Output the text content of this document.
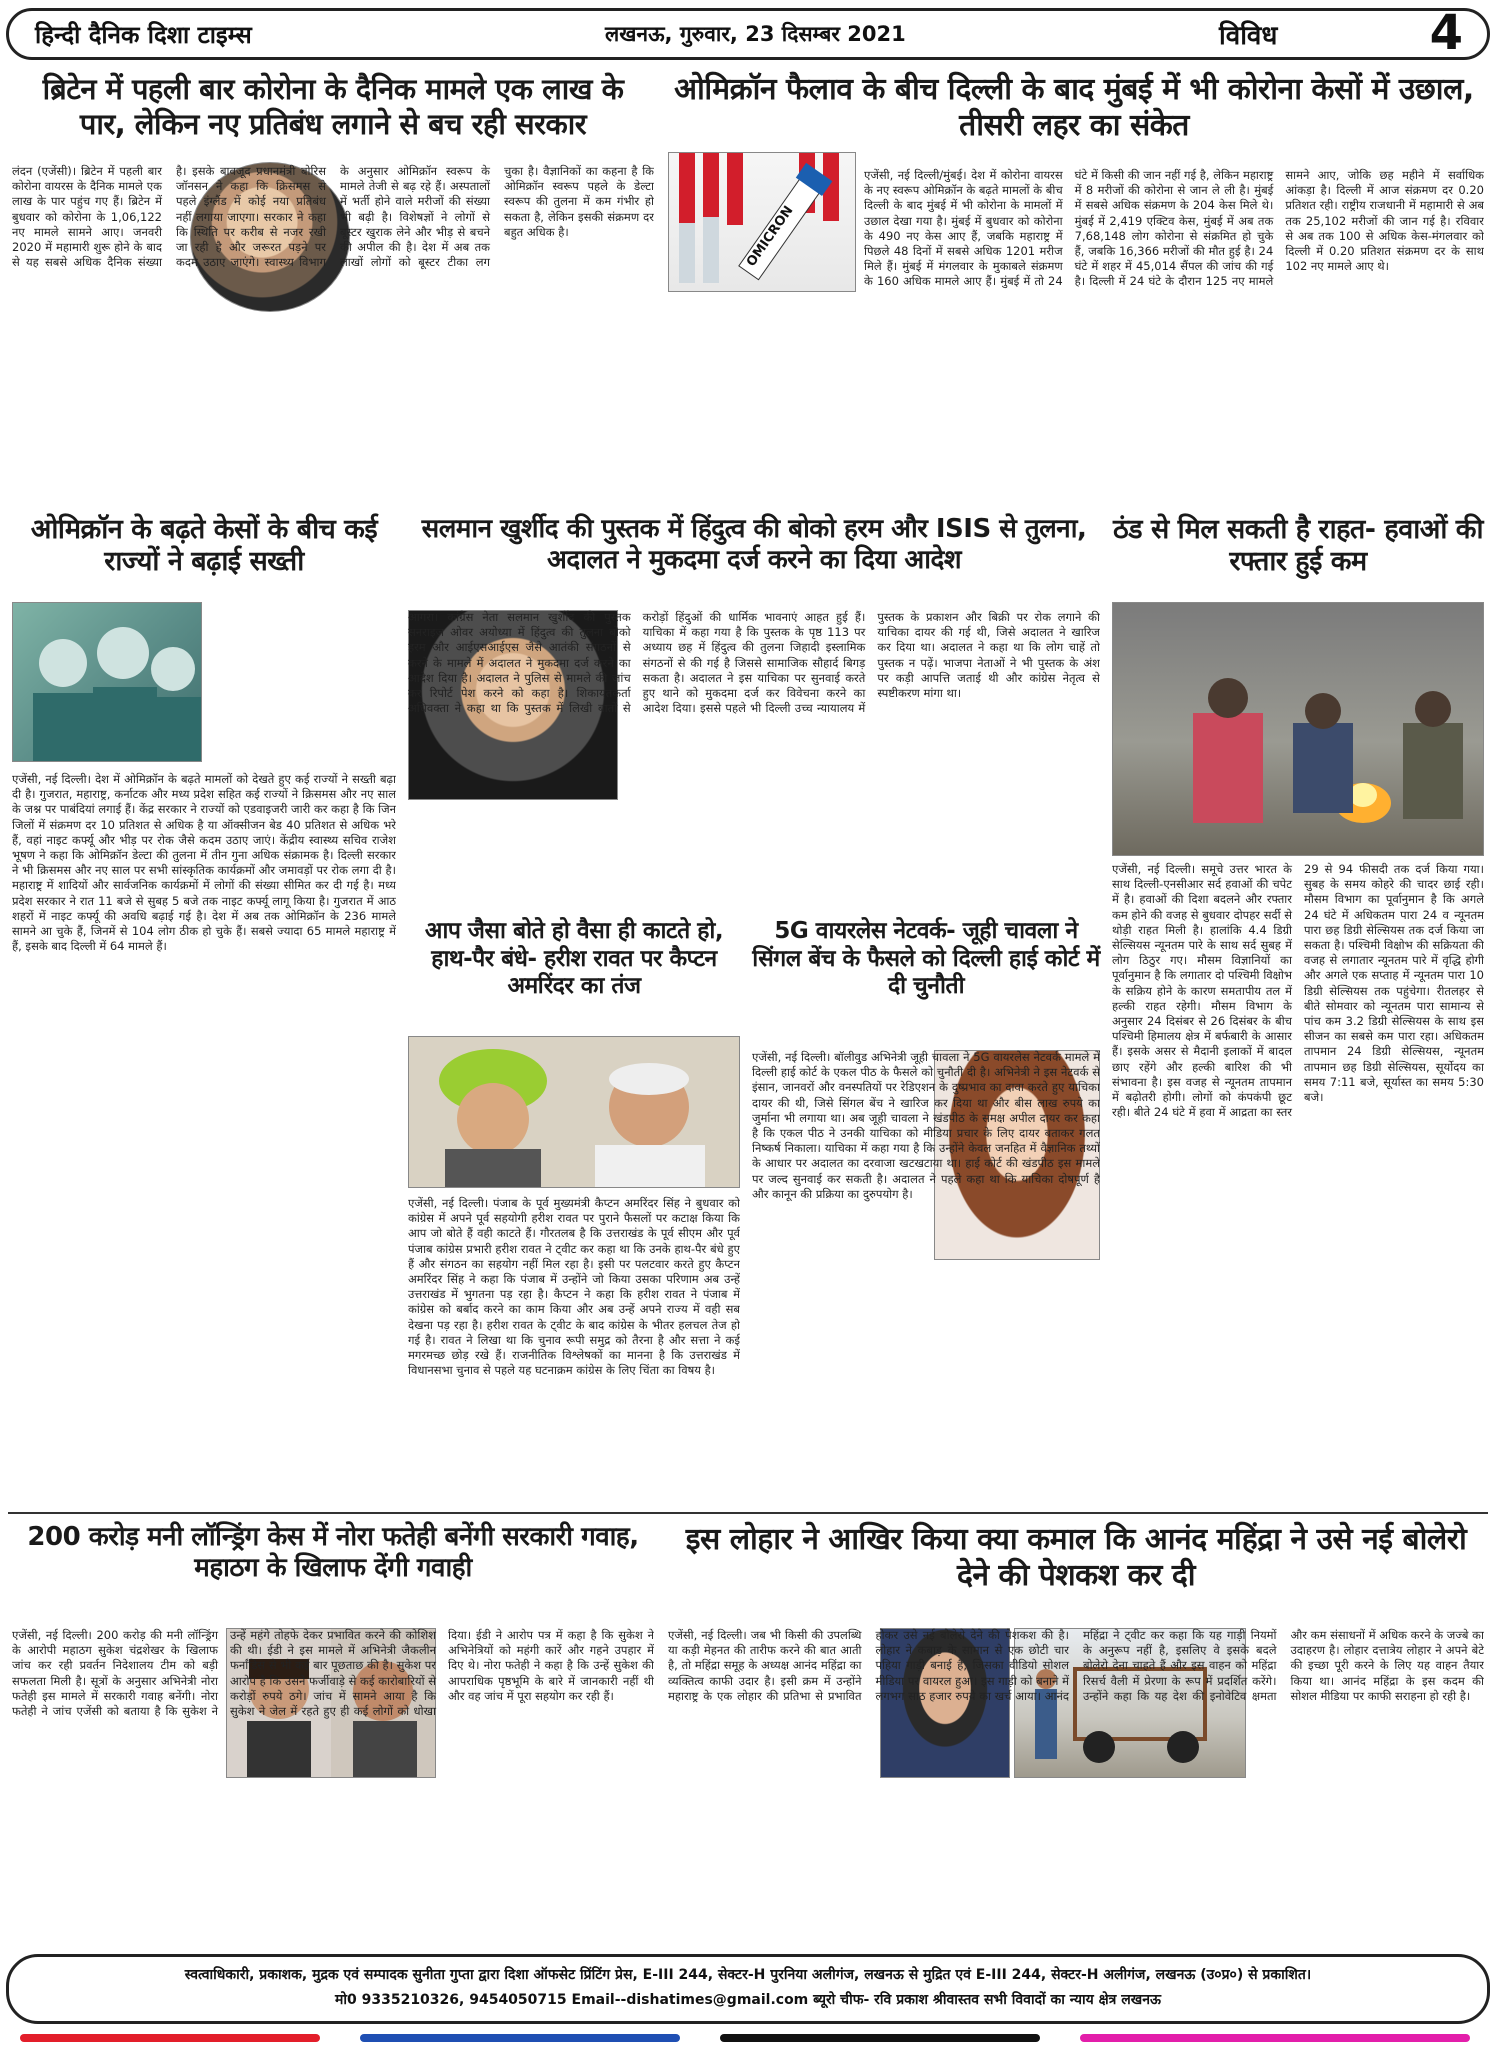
हिन्दी दैनिक दिशा टाइम्स	लखनऊ, गुरुवार, 23 दिसम्बर 2021	विविध	4
ब्रिटेन में पहली बार कोरोना के दैनिक मामले एक लाख के पार, लेकिन नए प्रतिबंध लगाने से बच रही सरकार
लंदन (एजेंसी)। ब्रिटेन में पहली बार कोरोना वायरस के दैनिक मामले एक लाख के पार पहुंच गए हैं। ब्रिटेन में बुधवार को कोरोना के 1,06,122 नए मामले सामने आए। जनवरी 2020 में महामारी शुरू होने के बाद से यह सबसे अधिक दैनिक संख्या है। इसके बावजूद प्रधानमंत्री बोरिस जॉनसन ने कहा कि क्रिसमस से पहले इंग्लैंड में कोई नया प्रतिबंध नहीं लगाया जाएगा। सरकार ने कहा कि स्थिति पर करीब से नजर रखी जा रही है और जरूरत पड़ने पर कदम उठाए जाएंगे। स्वास्थ्य विभाग के अनुसार ओमिक्रॉन स्वरूप के मामले तेजी से बढ़ रहे हैं। अस्पतालों में भर्ती होने वाले मरीजों की संख्या भी बढ़ी है। विशेषज्ञों ने लोगों से बूस्टर खुराक लेने और भीड़ से बचने की अपील की है। देश में अब तक लाखों लोगों को बूस्टर टीका लग चुका है। वैज्ञानिकों का कहना है कि ओमिक्रॉन स्वरूप पहले के डेल्टा स्वरूप की तुलना में कम गंभीर हो सकता है, लेकिन इसकी संक्रमण दर बहुत अधिक है।
ओमिक्रॉन फैलाव के बीच दिल्ली के बाद मुंबई में भी कोरोना केसों में उछाल, तीसरी लहर का संकेत
OMICRON
एजेंसी, नई दिल्ली/मुंबई। देश में कोरोना वायरस के नए स्वरूप ओमिक्रॉन के बढ़ते मामलों के बीच दिल्ली के बाद मुंबई में भी कोरोना के मामलों में उछाल देखा गया है। मुंबई में बुधवार को कोरोना के 490 नए केस आए हैं, जबकि महाराष्ट्र में पिछले 48 दिनों में सबसे अधिक 1201 मरीज मिले हैं। मुंबई में मंगलवार के मुकाबले संक्रमण के 160 अधिक मामले आए हैं। मुंबई में तो 24 घंटे में किसी की जान नहीं गई है, लेकिन महाराष्ट्र में 8 मरीजों की कोरोना से जान ले ली है। मुंबई में सबसे अधिक संक्रमण के 204 केस मिले थे। मुंबई में 2,419 एक्टिव केस, मुंबई में अब तक 7,68,148 लोग कोरोना से संक्रमित हो चुके हैं, जबकि 16,366 मरीजों की मौत हुई है। 24 घंटे में शहर में 45,014 सैंपल की जांच की गई है। दिल्ली में 24 घंटे के दौरान 125 नए मामले सामने आए, जोकि छह महीने में सर्वाधिक आंकड़ा है। दिल्ली में आज संक्रमण दर 0.20 प्रतिशत रही। राष्ट्रीय राजधानी में महामारी से अब तक 25,102 मरीजों की जान गई है। रविवार से अब तक 100 से अधिक केस-मंगलवार को दिल्ली में 0.20 प्रतिशत संक्रमण दर के साथ 102 नए मामले आए थे।
ओमिक्रॉन के बढ़ते केसों के बीच कई राज्यों ने बढ़ाई सख्ती
एजेंसी, नई दिल्ली। देश में ओमिक्रॉन के बढ़ते मामलों को देखते हुए कई राज्यों ने सख्ती बढ़ा दी है। गुजरात, महाराष्ट्र, कर्नाटक और मध्य प्रदेश सहित कई राज्यों ने क्रिसमस और नए साल के जश्न पर पाबंदियां लगाई हैं। केंद्र सरकार ने राज्यों को एडवाइजरी जारी कर कहा है कि जिन जिलों में संक्रमण दर 10 प्रतिशत से अधिक है या ऑक्सीजन बेड 40 प्रतिशत से अधिक भरे हैं, वहां नाइट कर्फ्यू और भीड़ पर रोक जैसे कदम उठाए जाएं। केंद्रीय स्वास्थ्य सचिव राजेश भूषण ने कहा कि ओमिक्रॉन डेल्टा की तुलना में तीन गुना अधिक संक्रामक है। दिल्ली सरकार ने भी क्रिसमस और नए साल पर सभी सांस्कृतिक कार्यक्रमों और जमावड़ों पर रोक लगा दी है। महाराष्ट्र में शादियों और सार्वजनिक कार्यक्रमों में लोगों की संख्या सीमित कर दी गई है। मध्य प्रदेश सरकार ने रात 11 बजे से सुबह 5 बजे तक नाइट कर्फ्यू लागू किया है। गुजरात में आठ शहरों में नाइट कर्फ्यू की अवधि बढ़ाई गई है। देश में अब तक ओमिक्रॉन के 236 मामले सामने आ चुके हैं, जिनमें से 104 लोग ठीक हो चुके हैं। सबसे ज्यादा 65 मामले महाराष्ट्र में हैं, इसके बाद दिल्ली में 64 मामले हैं।
सलमान खुर्शीद की पुस्तक में हिंदुत्व की बोको हरम और ISIS से तुलना, अदालत ने मुकदमा दर्ज करने का दिया आदेश
आगरा। कांग्रेस नेता सलमान खुर्शीद की पुस्तक सनराइज ओवर अयोध्या में हिंदुत्व की तुलना बोको हरम और आईएसआईएस जैसे आतंकी संगठनों से करने के मामले में अदालत ने मुकदमा दर्ज करने का आदेश दिया है। अदालत ने पुलिस से मामले की जांच कर रिपोर्ट पेश करने को कहा है। शिकायतकर्ता अधिवक्ता ने कहा था कि पुस्तक में लिखी बातों से करोड़ों हिंदुओं की धार्मिक भावनाएं आहत हुई हैं। याचिका में कहा गया है कि पुस्तक के पृष्ठ 113 पर अध्याय छह में हिंदुत्व की तुलना जिहादी इस्लामिक संगठनों से की गई है जिससे सामाजिक सौहार्द बिगड़ सकता है। अदालत ने इस याचिका पर सुनवाई करते हुए थाने को मुकदमा दर्ज कर विवेचना करने का आदेश दिया। इससे पहले भी दिल्ली उच्च न्यायालय में पुस्तक के प्रकाशन और बिक्री पर रोक लगाने की याचिका दायर की गई थी, जिसे अदालत ने खारिज कर दिया था। अदालत ने कहा था कि लोग चाहें तो पुस्तक न पढ़ें। भाजपा नेताओं ने भी पुस्तक के अंश पर कड़ी आपत्ति जताई थी और कांग्रेस नेतृत्व से स्पष्टीकरण मांगा था।
ठंड से मिल सकती है राहत- हवाओं की रफ्तार हुई कम
एजेंसी, नई दिल्ली। समूचे उत्तर भारत के साथ दिल्ली-एनसीआर सर्द हवाओं की चपेट में है। हवाओं की दिशा बदलने और रफ्तार कम होने की वजह से बुधवार दोपहर सर्दी से थोड़ी राहत मिली है। हालांकि 4.4 डिग्री सेल्सियस न्यूनतम पारे के साथ सर्द सुबह में लोग ठिठुर गए। मौसम विज्ञानियों का पूर्वानुमान है कि लगातार दो पश्चिमी विक्षोभ के सक्रिय होने के कारण समतापीय तल में हल्की राहत रहेगी। मौसम विभाग के अनुसार 24 दिसंबर से 26 दिसंबर के बीच पश्चिमी हिमालय क्षेत्र में बर्फबारी के आसार हैं। इसके असर से मैदानी इलाकों में बादल छाए रहेंगे और हल्की बारिश की भी संभावना है। इस वजह से न्यूनतम तापमान में बढ़ोतरी होगी। लोगों को कंपकंपी छूट रही। बीते 24 घंटे में हवा में आद्रता का स्तर 29 से 94 फीसदी तक दर्ज किया गया। सुबह के समय कोहरे की चादर छाई रही। मौसम विभाग का पूर्वानुमान है कि अगले 24 घंटे में अधिकतम पारा 24 व न्यूनतम पारा छह डिग्री सेल्सियस तक दर्ज किया जा सकता है। पश्चिमी विक्षोभ की सक्रियता की वजह से लगातार न्यूनतम पारे में वृद्धि होगी और अगले एक सप्ताह में न्यूनतम पारा 10 डिग्री सेल्सियस तक पहुंचेगा। रीतलहर से बीते सोमवार को न्यूनतम पारा सामान्य से पांच कम 3.2 डिग्री सेल्सियस के साथ इस सीजन का सबसे कम पारा रहा। अधिकतम तापमान 24 डिग्री सेल्सियस, न्यूनतम तापमान छह डिग्री सेल्सियस, सूर्योदय का समय 7:11 बजे, सूर्यास्त का समय 5:30 बजे।
आप जैसा बोते हो वैसा ही काटते हो, हाथ-पैर बंधे- हरीश रावत पर कैप्टन अमरिंदर का तंज
एजेंसी, नई दिल्ली। पंजाब के पूर्व मुख्यमंत्री कैप्टन अमरिंदर सिंह ने बुधवार को कांग्रेस में अपने पूर्व सहयोगी हरीश रावत पर पुराने फैसलों पर कटाक्ष किया कि आप जो बोते हैं वही काटते हैं। गौरतलब है कि उत्तराखंड के पूर्व सीएम और पूर्व पंजाब कांग्रेस प्रभारी हरीश रावत ने ट्वीट कर कहा था कि उनके हाथ-पैर बंधे हुए हैं और संगठन का सहयोग नहीं मिल रहा है। इसी पर पलटवार करते हुए कैप्टन अमरिंदर सिंह ने कहा कि पंजाब में उन्होंने जो किया उसका परिणाम अब उन्हें उत्तराखंड में भुगतना पड़ रहा है। कैप्टन ने कहा कि हरीश रावत ने पंजाब में कांग्रेस को बर्बाद करने का काम किया और अब उन्हें अपने राज्य में वही सब देखना पड़ रहा है। हरीश रावत के ट्वीट के बाद कांग्रेस के भीतर हलचल तेज हो गई है। रावत ने लिखा था कि चुनाव रूपी समुद्र को तैरना है और सत्ता ने कई मगरमच्छ छोड़ रखे हैं। राजनीतिक विश्लेषकों का मानना है कि उत्तराखंड में विधानसभा चुनाव से पहले यह घटनाक्रम कांग्रेस के लिए चिंता का विषय है।
5G वायरलेस नेटवर्क- जूही चावला ने सिंगल बेंच के फैसले को दिल्ली हाई कोर्ट में दी चुनौती
एजेंसी, नई दिल्ली। बॉलीवुड अभिनेत्री जूही चावला ने 5G वायरलेस नेटवर्क मामले में दिल्ली हाई कोर्ट के एकल पीठ के फैसले को चुनौती दी है। अभिनेत्री ने इस नेटवर्क से इंसान, जानवरों और वनस्पतियों पर रेडिएशन के दुष्प्रभाव का दावा करते हुए याचिका दायर की थी, जिसे सिंगल बेंच ने खारिज कर दिया था और बीस लाख रुपये का जुर्माना भी लगाया था। अब जूही चावला ने खंडपीठ के समक्ष अपील दायर कर कहा है कि एकल पीठ ने उनकी याचिका को मीडिया प्रचार के लिए दायर बताकर गलत निष्कर्ष निकाला। याचिका में कहा गया है कि उन्होंने केवल जनहित में वैज्ञानिक तथ्यों के आधार पर अदालत का दरवाजा खटखटाया था। हाई कोर्ट की खंडपीठ इस मामले पर जल्द सुनवाई कर सकती है। अदालत ने पहले कहा था कि याचिका दोषपूर्ण है और कानून की प्रक्रिया का दुरुपयोग है।
200 करोड़ मनी लॉन्ड्रिंग केस में नोरा फतेही बनेंगी सरकारी गवाह, महाठग के खिलाफ देंगी गवाही
एजेंसी, नई दिल्ली। 200 करोड़ की मनी लॉन्ड्रिंग के आरोपी महाठग सुकेश चंद्रशेखर के खिलाफ जांच कर रही प्रवर्तन निदेशालय टीम को बड़ी सफलता मिली है। सूत्रों के अनुसार अभिनेत्री नोरा फतेही इस मामले में सरकारी गवाह बनेंगी। नोरा फतेही ने जांच एजेंसी को बताया है कि सुकेश ने उन्हें महंगे तोहफे देकर प्रभावित करने की कोशिश की थी। ईडी ने इस मामले में अभिनेत्री जैकलीन फर्नांडिस से भी कई बार पूछताछ की है। सुकेश पर आरोप है कि उसने फर्जीवाड़े से कई कारोबारियों से करोड़ों रुपये ठगे। जांच में सामने आया है कि सुकेश ने जेल में रहते हुए ही कई लोगों को धोखा दिया। ईडी ने आरोप पत्र में कहा है कि सुकेश ने अभिनेत्रियों को महंगी कारें और गहने उपहार में दिए थे। नोरा फतेही ने कहा है कि उन्हें सुकेश की आपराधिक पृष्ठभूमि के बारे में जानकारी नहीं थी और वह जांच में पूरा सहयोग कर रही हैं।
इस लोहार ने आखिर किया क्या कमाल कि आनंद महिंद्रा ने उसे नई बोलेरो देने की पेशकश कर दी
एजेंसी, नई दिल्ली। जब भी किसी की उपलब्धि या कड़ी मेहनत की तारीफ करने की बात आती है, तो महिंद्रा समूह के अध्यक्ष आनंद महिंद्रा का व्यक्तित्व काफी उदार है। इसी क्रम में उन्होंने महाराष्ट्र के एक लोहार की प्रतिभा से प्रभावित होकर उसे नई बोलेरो देने की पेशकश की है। लोहार ने कबाड़ के सामान से एक छोटी चार पहिया गाड़ी बनाई है, जिसका वीडियो सोशल मीडिया पर वायरल हुआ। इस गाड़ी को बनाने में लगभग साठ हजार रुपये का खर्च आया। आनंद महिंद्रा ने ट्वीट कर कहा कि यह गाड़ी नियमों के अनुरूप नहीं है, इसलिए वे इसके बदले बोलेरो देना चाहते हैं और इस वाहन को महिंद्रा रिसर्च वैली में प्रेरणा के रूप में प्रदर्शित करेंगे। उन्होंने कहा कि यह देश की इनोवेटिव क्षमता और कम संसाधनों में अधिक करने के जज्बे का उदाहरण है। लोहार दत्तात्रेय लोहार ने अपने बेटे की इच्छा पूरी करने के लिए यह वाहन तैयार किया था। आनंद महिंद्रा के इस कदम की सोशल मीडिया पर काफी सराहना हो रही है।
स्वत्वाधिकारी, प्रकाशक, मुद्रक एवं सम्पादक सुनीता गुप्ता द्वारा दिशा ऑफसेट प्रिंटिंग प्रेस, E-III 244, सेक्टर-H पुरनिया अलीगंज, लखनऊ से मुद्रित एवं E-III 244, सेक्टर-H अलीगंज, लखनऊ (उ०प्र०) से प्रकाशित।
मो0 9335210326, 9454050715 Email--dishatimes@gmail.com ब्यूरो चीफ- रवि प्रकाश श्रीवास्तव सभी विवादों का न्याय क्षेत्र लखनऊ
